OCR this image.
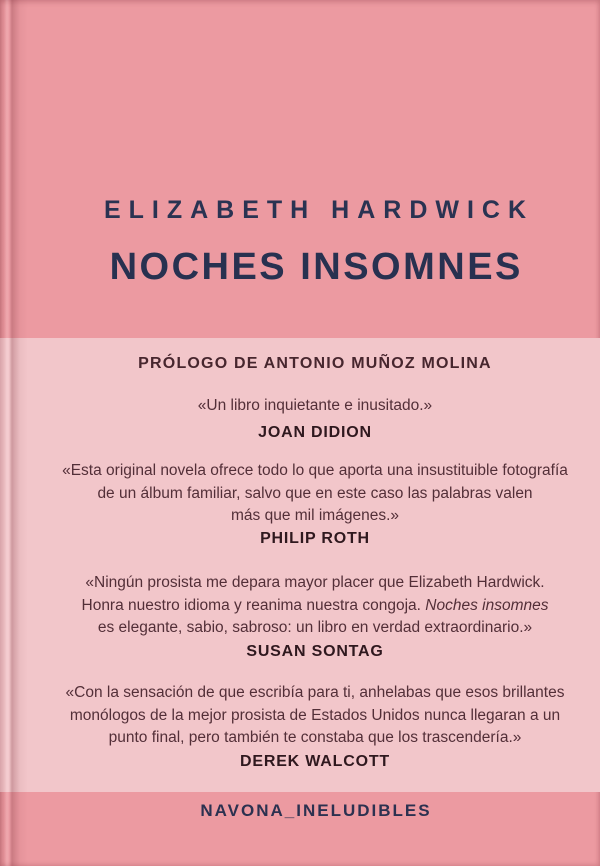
ELIZABETH HARDWICK
NOCHES INSOMNES
PRÓLOGO DE ANTONIO MUÑOZ MOLINA
«Un libro inquietante e inusitado.»
JOAN DIDION
«Esta original novela ofrece todo lo que aporta una insustituible fotografía
de un álbum familiar, salvo que en este caso las palabras valen
más que mil imágenes.»
PHILIP ROTH
«Ningún prosista me depara mayor placer que Elizabeth Hardwick.
Honra nuestro idioma y reanima nuestra congoja. Noches insomnes
es elegante, sabio, sabroso: un libro en verdad extraordinario.»
SUSAN SONTAG
«Con la sensación de que escribía para ti, anhelabas que esos brillantes
monólogos de la mejor prosista de Estados Unidos nunca llegaran a un
punto final, pero también te constaba que los trascendería.»
DEREK WALCOTT
NAVONA_INELUDIBLES
